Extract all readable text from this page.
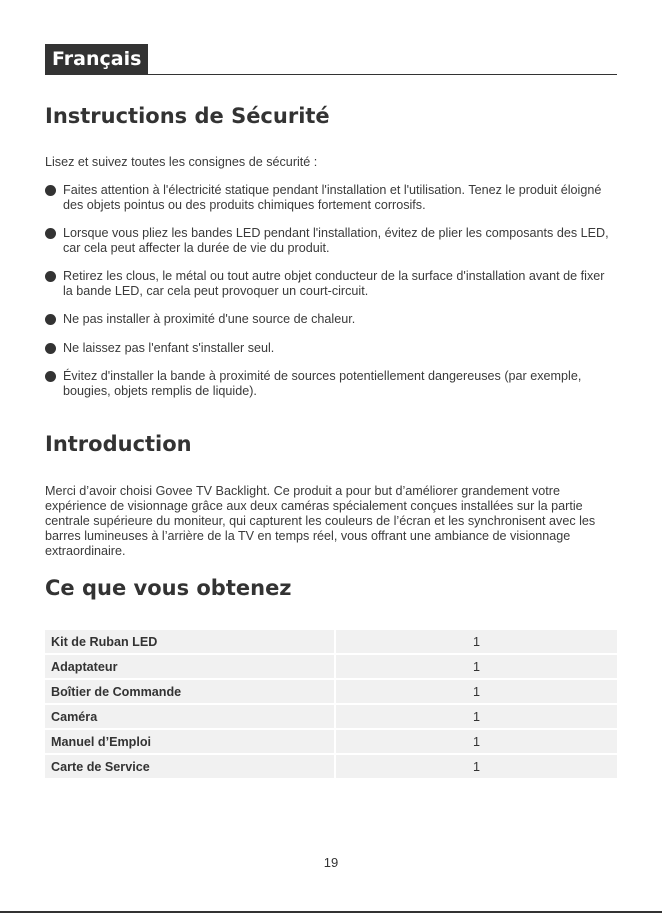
Français
Instructions de Sécurité

Lisez et suivez toutes les consignes de sécurité :

Faites attention à l'électricité statique pendant l'installation et l'utilisation. Tenez le produit éloigné des objets pointus ou des produits chimiques fortement corrosifs.
Lorsque vous pliez les bandes LED pendant l'installation, évitez de plier les composants des LED, car cela peut affecter la durée de vie du produit.
Retirez les clous, le métal ou tout autre objet conducteur de la surface d'installation avant de fixer la bande LED, car cela peut provoquer un court-circuit.
Ne pas installer à proximité d'une source de chaleur.
Ne laissez pas l'enfant s'installer seul.
Évitez d'installer la bande à proximité de sources potentiellement dangereuses (par exemple, bougies, objets remplis de liquide).
Introduction

Merci d’avoir choisi Govee TV Backlight. Ce produit a pour but d’améliorer grandement votre expérience de visionnage grâce aux deux caméras spécialement conçues installées sur la partie centrale supérieure du moniteur, qui capturent les couleurs de l’écran et les synchronisent avec les barres lumineuses à l’arrière de la TV en temps réel, vous offrant une ambiance de visionnage extraordinaire.

Ce que vous obtenez
Kit de Ruban LED	1
Adaptateur	1
Boîtier de Commande	1
Caméra	1
Manuel d’Emploi	1
Carte de Service	1
19
